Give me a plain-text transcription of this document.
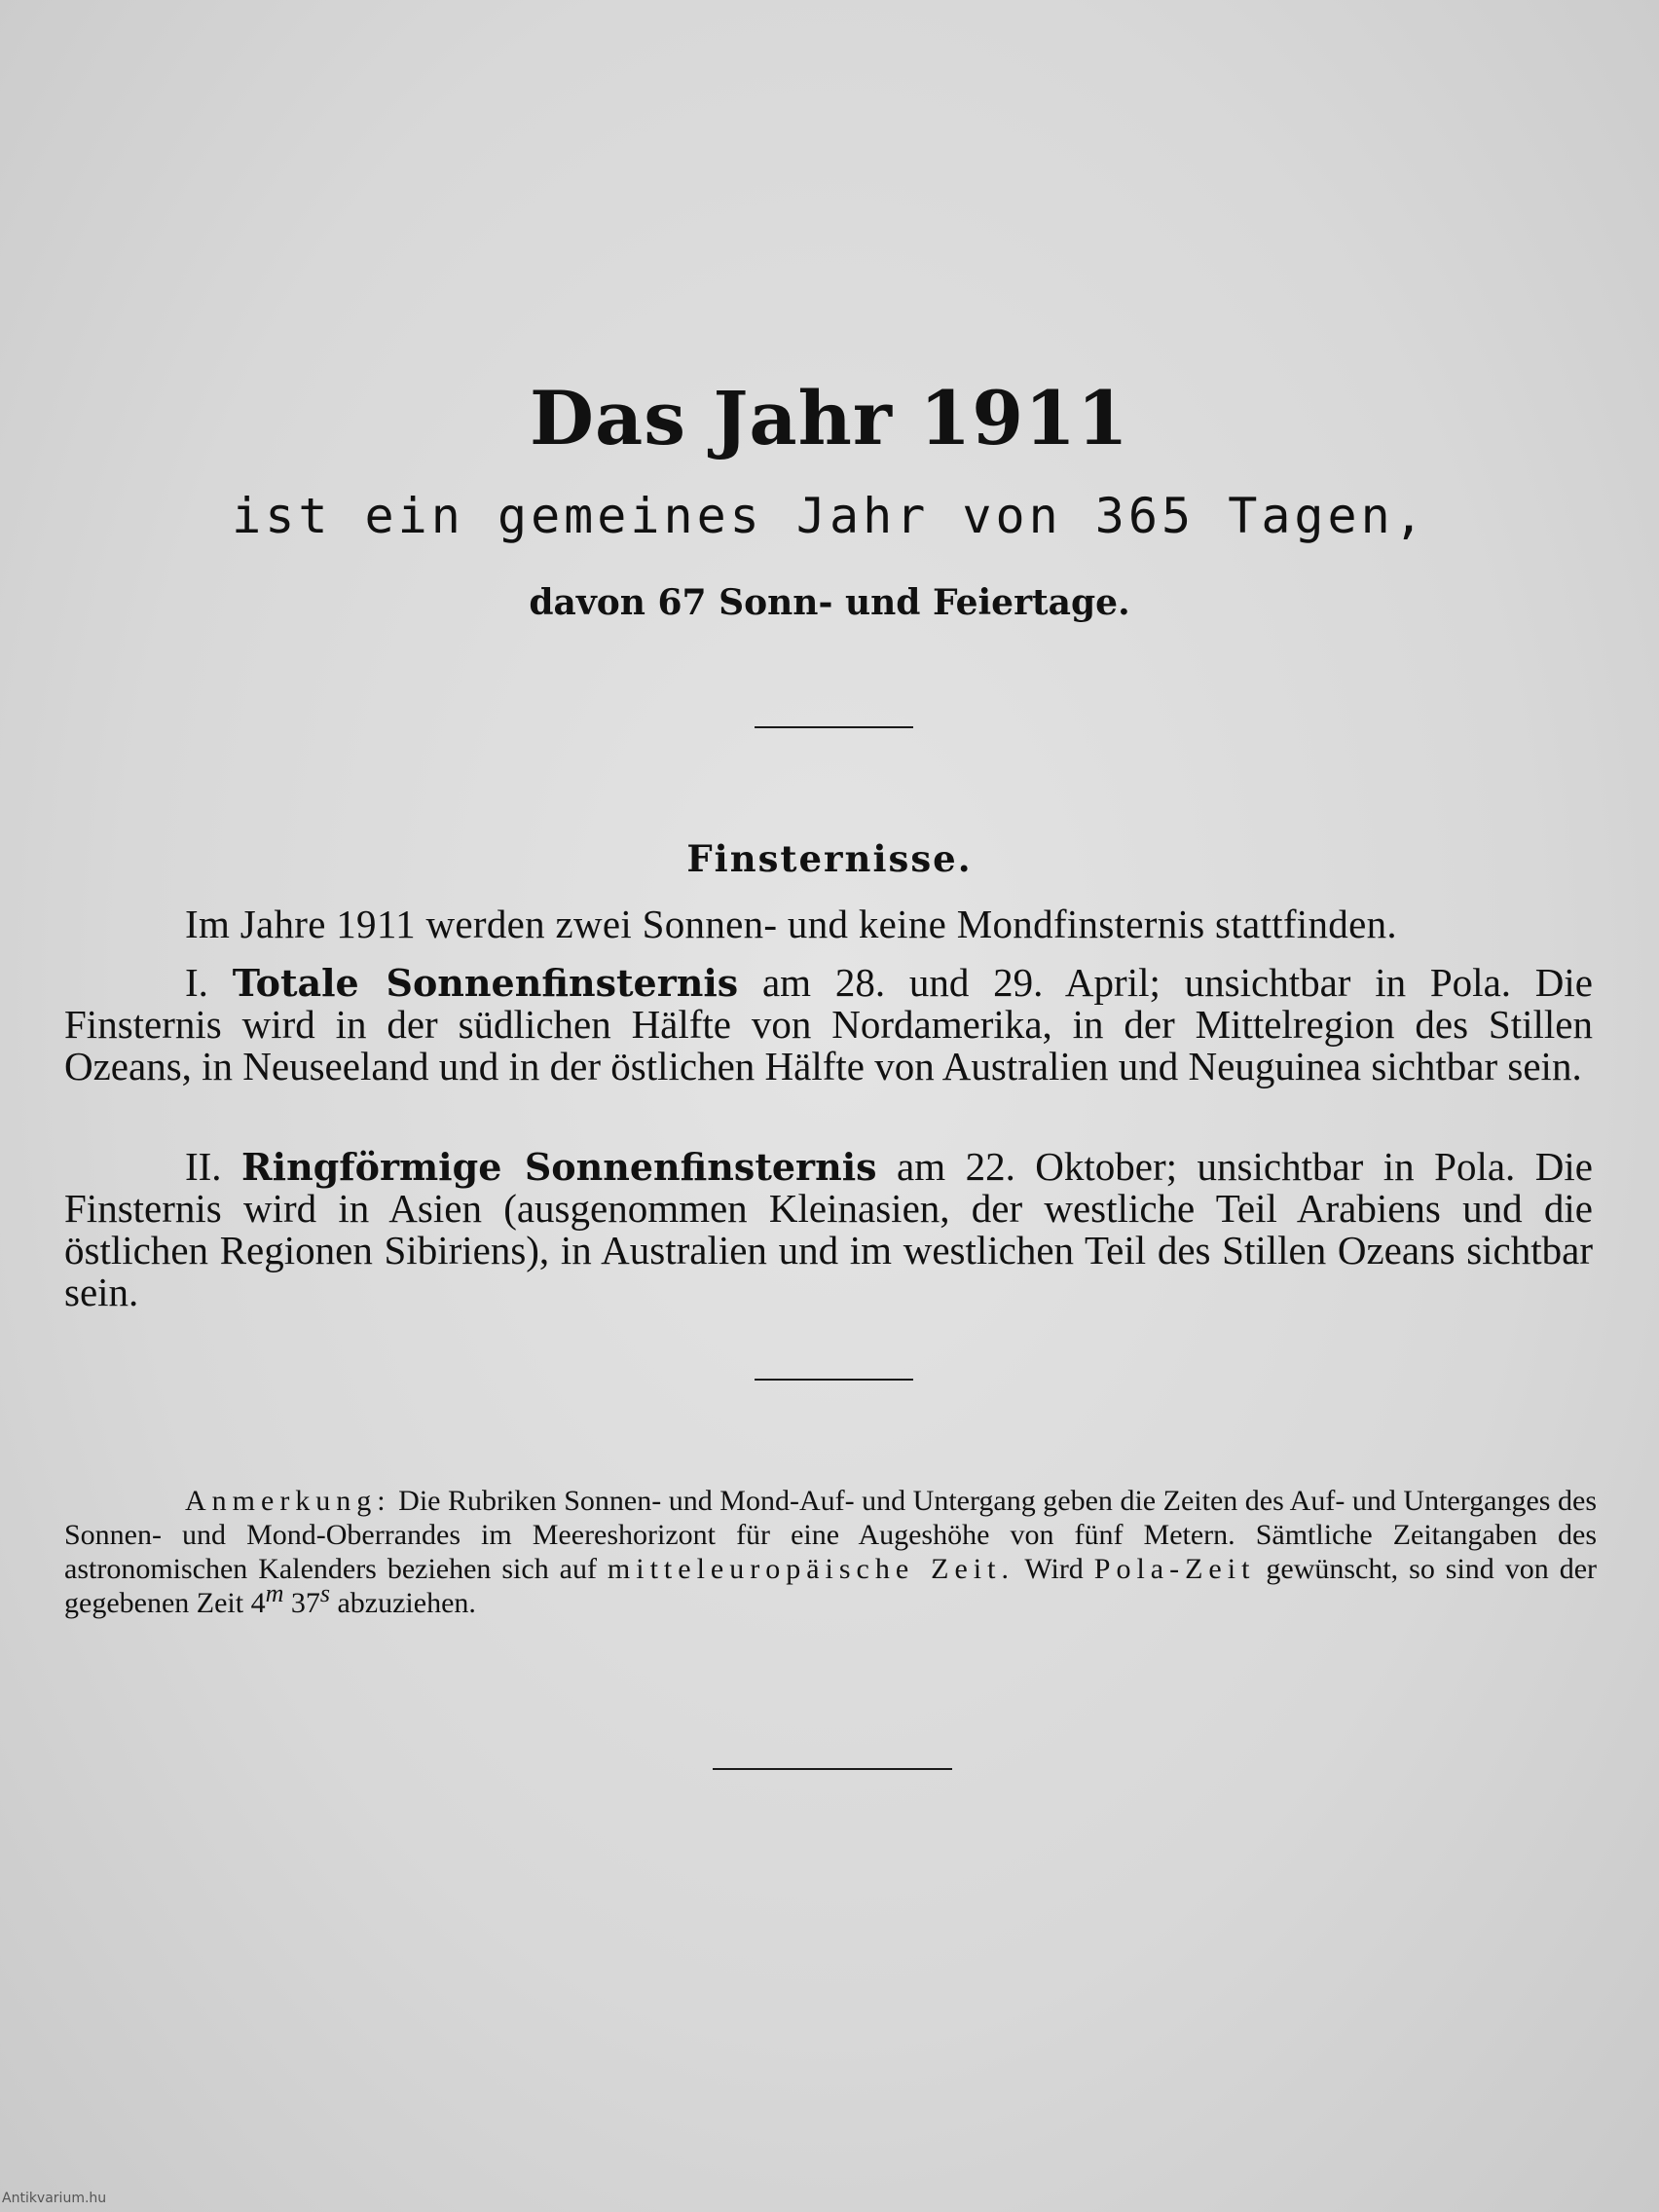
Das Jahr 1911
ist ein gemeines Jahr von 365 Tagen,
davon 67 Sonn- und Feiertage.
Finsternisse.
Im Jahre 1911 werden zwei Sonnen- und keine Mondfinsternis stattfinden.
I. Totale Sonnenfinsternis am 28. und 29. April; unsichtbar in Pola. Die Finsternis wird in der südlichen Hälfte von Nordamerika, in der Mittelregion des Stillen Ozeans, in Neuseeland und in der östlichen Hälfte von Australien und Neuguinea sichtbar sein.
II. Ringförmige Sonnenfinsternis am 22. Oktober; unsichtbar in Pola. Die Finsternis wird in Asien (ausgenommen Kleinasien, der westliche Teil Arabiens und die östlichen Regionen Sibiriens), in Australien und im westlichen Teil des Stillen Ozeans sichtbar sein.
Anmerkung: Die Rubriken Sonnen- und Mond-Auf- und Untergang geben die Zeiten des Auf- und Unterganges des Sonnen- und Mond-Oberrandes im Meereshorizont für eine Augeshöhe von fünf Metern. Sämtliche Zeitangaben des astronomischen Kalenders beziehen sich auf mitteleuropäische Zeit. Wird Pola-Zeit gewünscht, so sind von der gegebenen Zeit 4$^m$ 37$^s$ abzuziehen.
Antikvarium.hu
